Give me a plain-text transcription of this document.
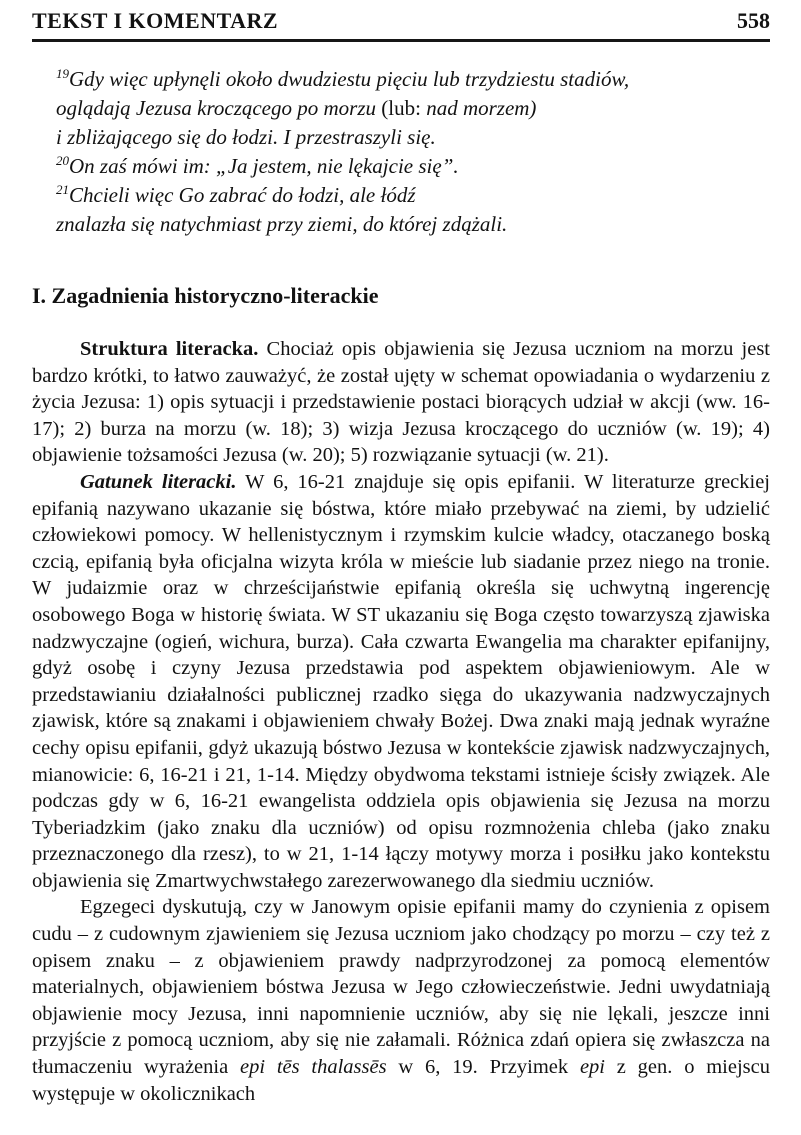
TEKST I KOMENTARZ	558
$^{19}$Gdy więc upłynęli około dwudziestu pięciu lub trzydziestu stadiów,
oglądają Jezusa kroczącego po morzu (lub: nad morzem)
i zbliżającego się do łodzi. I przestraszyli się.
$^{20}$On zaś mówi im: „Ja jestem, nie lękajcie się”.
$^{21}$Chcieli więc Go zabrać do łodzi, ale łódź
znalazła się natychmiast przy ziemi, do której zdążali.
I. Zagadnienia historyczno-literackie

Struktura literacka. Chociaż opis objawienia się Jezusa uczniom na morzu jest bardzo krótki, to łatwo zauważyć, że został ujęty w schemat opowiadania o wydarzeniu z życia Jezusa: 1) opis sytuacji i przedstawienie postaci biorących udział w akcji (ww. 16-17); 2) burza na morzu (w. 18); 3) wizja Jezusa kroczącego do uczniów (w. 19); 4) objawienie tożsamości Jezusa (w. 20); 5) rozwiązanie sytuacji (w. 21).

Gatunek literacki. W 6, 16-21 znajduje się opis epifanii. W literaturze greckiej epifanią nazywano ukazanie się bóstwa, które miało przebywać na ziemi, by udzielić człowiekowi pomocy. W hellenistycznym i rzymskim kulcie władcy, otaczanego boską czcią, epifanią była oficjalna wizyta króla w mieście lub siadanie przez niego na tronie. W judaizmie oraz w chrześcijaństwie epifanią określa się uchwytną ingerencję osobowego Boga w historię świata. W ST ukazaniu się Boga często towarzyszą zjawiska nadzwyczajne (ogień, wichura, burza). Cała czwarta Ewangelia ma charakter epifanijny, gdyż osobę i czyny Jezusa przedstawia pod aspektem objawieniowym. Ale w przedstawianiu działalności publicznej rzadko sięga do ukazywania nadzwyczajnych zjawisk, które są znakami i objawieniem chwały Bożej. Dwa znaki mają jednak wyraźne cechy opisu epifanii, gdyż ukazują bóstwo Jezusa w kontekście zjawisk nadzwyczajnych, mianowicie: 6, 16-21 i 21, 1-14. Między obydwoma tekstami istnieje ścisły związek. Ale podczas gdy w 6, 16-21 ewangelista oddziela opis objawienia się Jezusa na morzu Tyberiadzkim (jako znaku dla uczniów) od opisu rozmnożenia chleba (jako znaku przeznaczonego dla rzesz), to w 21, 1-14 łączy motywy morza i posiłku jako kontekstu objawienia się Zmartwychwstałego zarezerwowanego dla siedmiu uczniów.

Egzegeci dyskutują, czy w Janowym opisie epifanii mamy do czynienia z opisem cudu – z cudownym zjawieniem się Jezusa uczniom jako chodzący po morzu – czy też z opisem znaku – z objawieniem prawdy nadprzyrodzonej za pomocą elementów materialnych, objawieniem bóstwa Jezusa w Jego człowieczeństwie. Jedni uwydatniają objawienie mocy Jezusa, inni napomnienie uczniów, aby się nie lękali, jeszcze inni przyjście z pomocą uczniom, aby się nie załamali. Różnica zdań opiera się zwłaszcza na tłumaczeniu wyrażenia epi tēs thalassēs w 6, 19. Przyimek epi z gen. o miejscu występuje w okolicznikach
